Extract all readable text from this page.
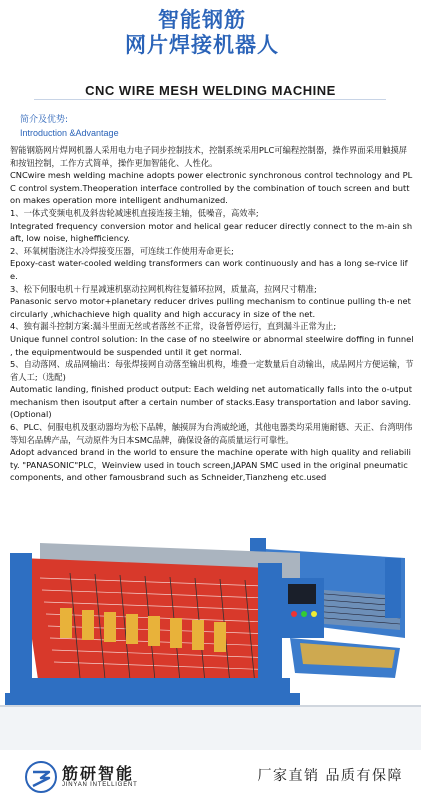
智能钢筋
网片焊接机器人
CNC WIRE MESH WELDING MACHINE
简介及优势:
Introduction &Advantage

智能钢筋网片焊网机器人采用电力电子同步控制技术，控制系统采用PLC可编程控制器，操作界面采用触摸屏和按钮控制，工作方式简单，操作更加智能化、人性化。

CNCwire mesh welding machine adopts power electronic synchronous control technology and PLC control system.Theoperation interface controlled by the combination of touch screen and button makes operation more intelligent andhumanized.

1、一体式变频电机及斜齿轮减速机直接连接主轴，低噪音，高效率;

Integrated frequency conversion motor and helical gear reducer directly connect to the m-ain shaft, low noise, highefficiency.

2、环氧树脂浇注水冷焊接变压器，可连续工作使用寿命更长;

Epoxy-cast water-cooled welding transformers can work continuously and has a long se-rvice life.

3、松下伺服电机＋行星减速机驱动拉网机构往复循环拉网，质量高，拉网尺寸精准;

Panasonic servo motor+planetary reducer drives pulling mechanism to continue pulling th-e net circularly ,whichachieve high quality and high accuracy in size of the net.

4、独有漏斗控制方案:漏斗里面无丝或者落丝不正常，设备暂停运行，直到漏斗正常为止;

Unique funnel control solution: In the case of no steelwire or abnormal steelwire doffing in funnel , the equipmentwould be suspended until it get normal.

5、自动落网、成品网输出：每张焊接网自动落至输出机构，堆叠一定数量后自动输出，成品网片方便运输，节省人工;（选配)

Automatic landing, finished product output: Each welding net automatically falls into the o-utput mechanism then isoutput after a certain number of stacks.Easy transportation and labor saving.(Optional)

6、PLC、伺服电机及驱动器均为松下品牌，触摸屏为台湾威纶通，其他电器类均采用施耐德、天正、台湾明伟等知名品牌产品，气动原件为日本SMC品牌，确保设备的高质量运行可靠性。

Adopt advanced brand in the world to ensure the machine operate with high quality and reliability. "PANASONIC"PLC，Weinview used in touch screen,JAPAN SMC used in the original pneumatic components, and other famousbrand such as Schneider,Tianzheng etc.used

筋研智能
JINYAN INTELLIGENT
厂家直销 品质有保障
